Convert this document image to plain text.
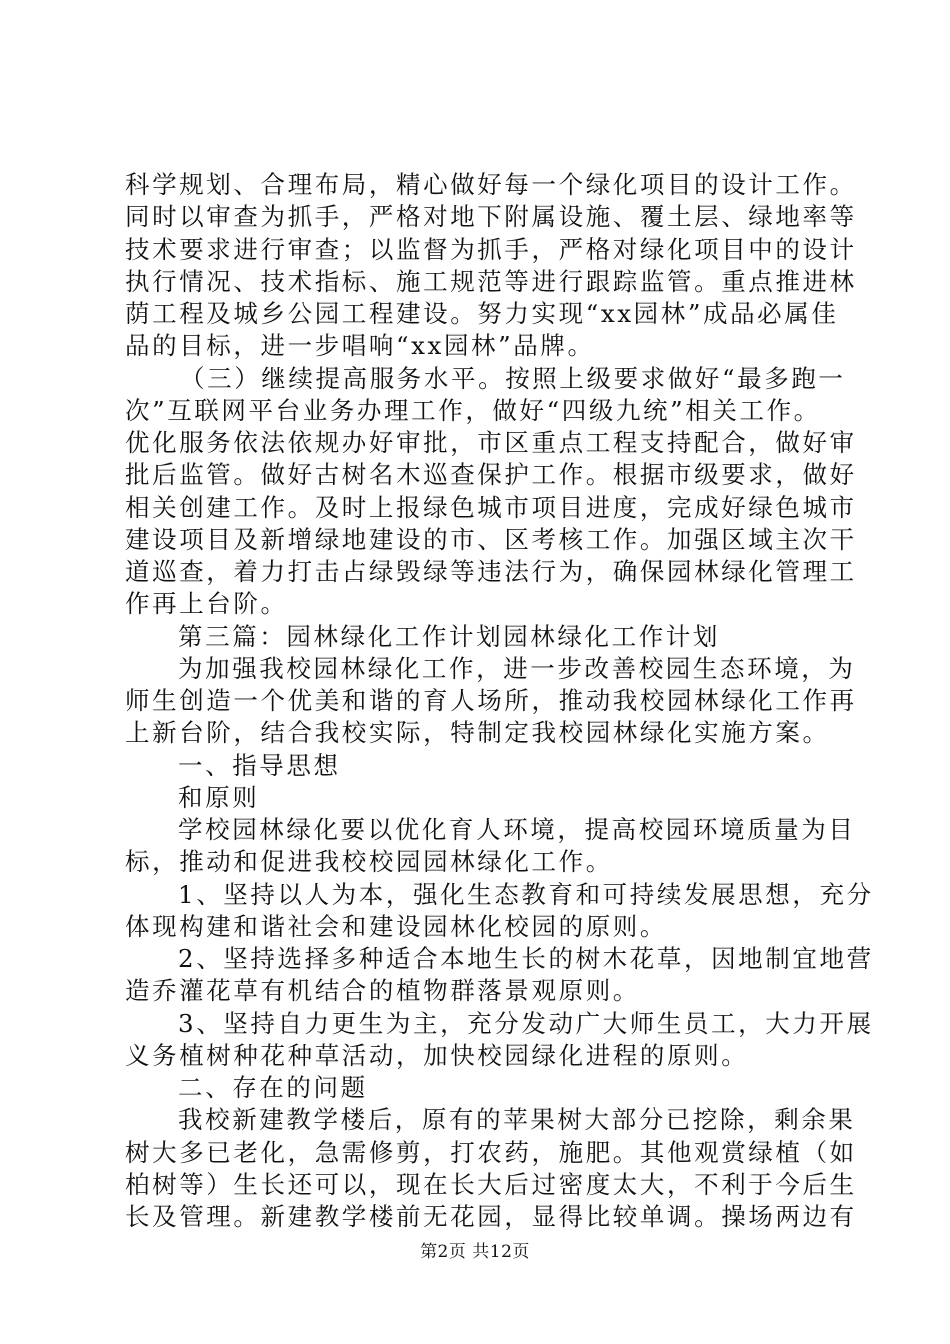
科学规划、合理布局，精心做好每一个绿化项目的设计工作。
同时以审查为抓手，严格对地下附属设施、覆土层、绿地率等
技术要求进行审查；以监督为抓手，严格对绿化项目中的设计
执行情况、技术指标、施工规范等进行跟踪监管。重点推进林
荫工程及城乡公园工程建设。努力实现“xx园林”成品必属佳
品的目标，进一步唱响“xx园林”品牌。
（三）继续提高服务水平。按照上级要求做好“最多跑一
次”互联网平台业务办理工作，做好“四级九统”相关工作。
优化服务依法依规办好审批，市区重点工程支持配合，做好审
批后监管。做好古树名木巡查保护工作。根据市级要求，做好
相关创建工作。及时上报绿色城市项目进度，完成好绿色城市
建设项目及新增绿地建设的市、区考核工作。加强区域主次干
道巡查，着力打击占绿毁绿等违法行为，确保园林绿化管理工
作再上台阶。
第三篇：园林绿化工作计划园林绿化工作计划
为加强我校园林绿化工作，进一步改善校园生态环境，为
师生创造一个优美和谐的育人场所，推动我校园林绿化工作再
上新台阶，结合我校实际，特制定我校园林绿化实施方案。
一、指导思想
和原则
学校园林绿化要以优化育人环境，提高校园环境质量为目
标，推动和促进我校校园园林绿化工作。
1、坚持以人为本，强化生态教育和可持续发展思想，充分
体现构建和谐社会和建设园林化校园的原则。
2、坚持选择多种适合本地生长的树木花草，因地制宜地营
造乔灌花草有机结合的植物群落景观原则。
3、坚持自力更生为主，充分发动广大师生员工，大力开展
义务植树种花种草活动，加快校园绿化进程的原则。
二、存在的问题
我校新建教学楼后，原有的苹果树大部分已挖除，剩余果
树大多已老化，急需修剪，打农药，施肥。其他观赏绿植（如
柏树等）生长还可以，现在长大后过密度太大，不利于今后生
第2页 共12页
长及管理。新建教学楼前无花园，显得比较单调。操场两边有
